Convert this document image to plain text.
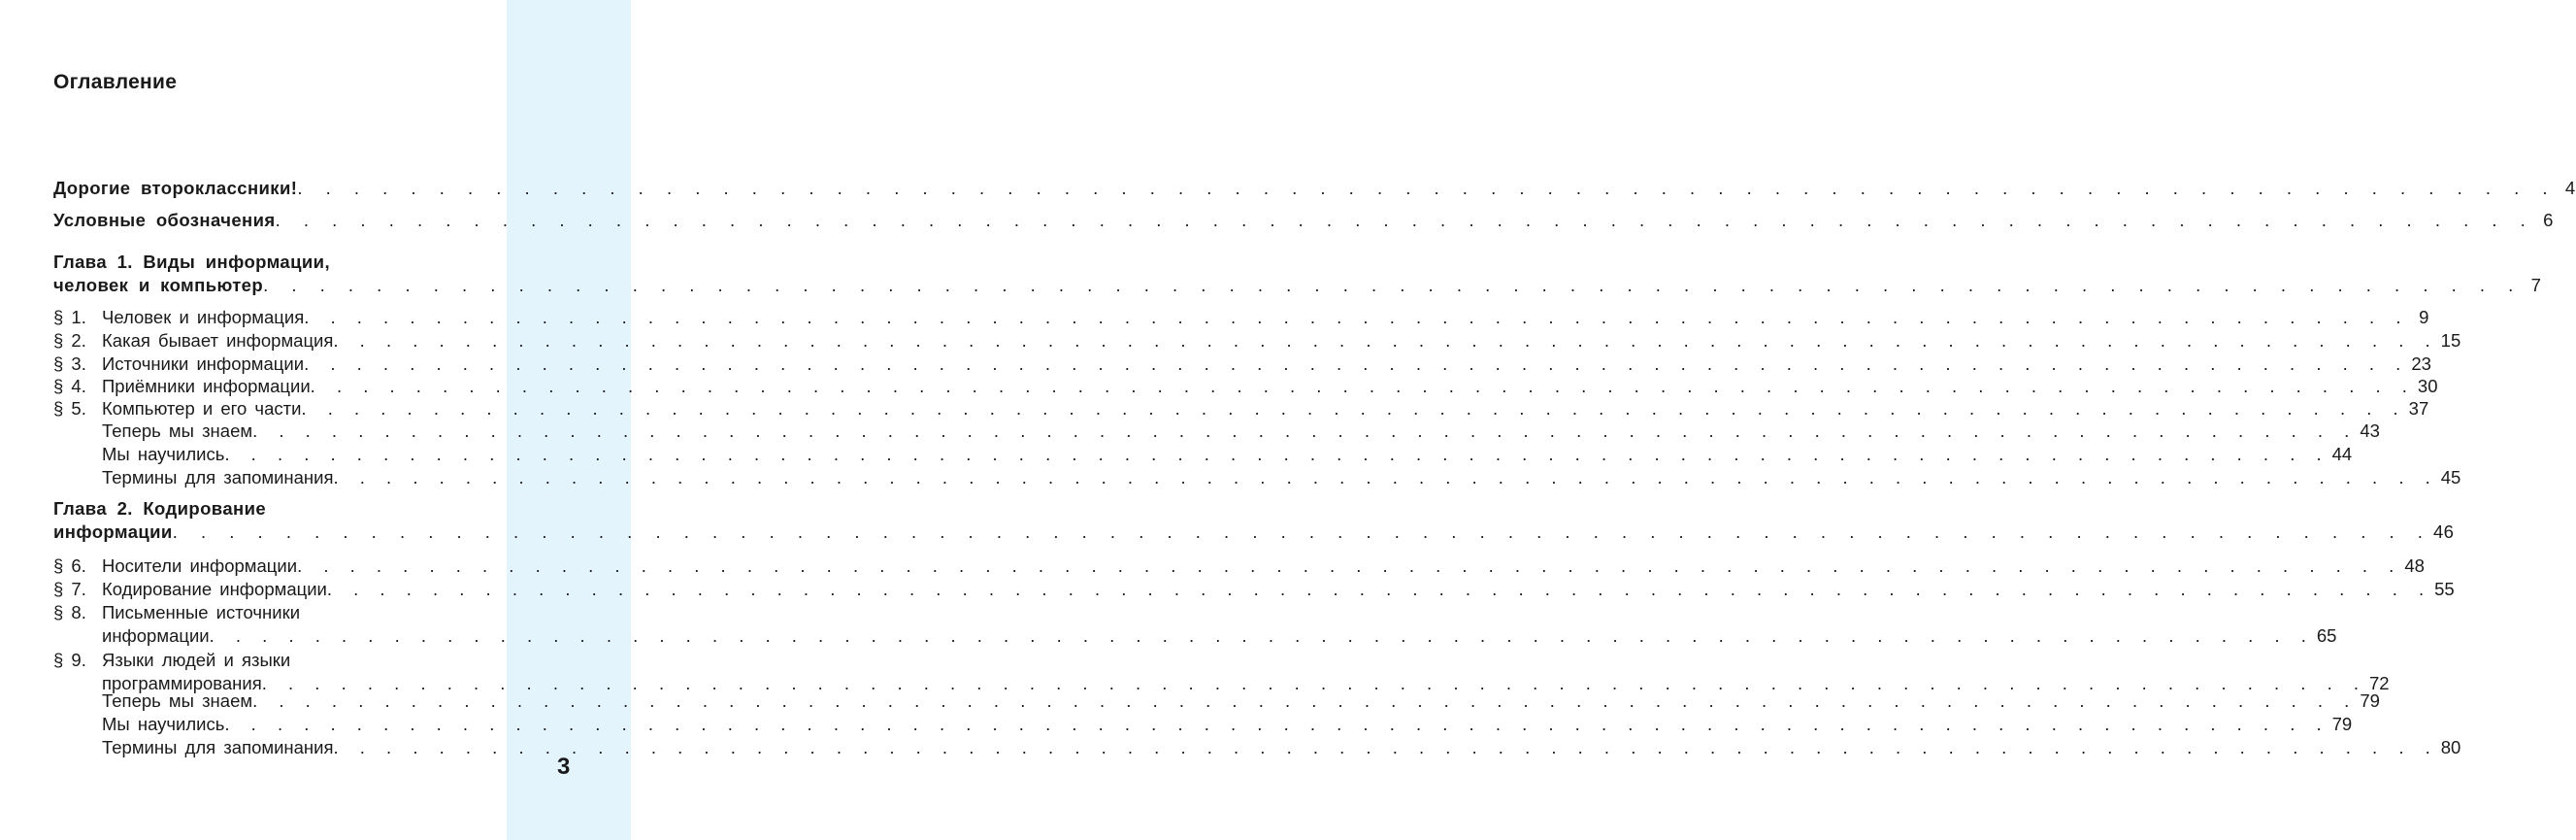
Оглавление
Дорогие второклассники! . . . . . . . . . . . . . . . . . . . . . . . . . . . . . . . . . . . . . . . . . . . . . . . . . . . . . . . . . . . . . . . . . . . . . . . . . . . . . . . . 4
Условные обозначения . . . . . . . . . . . . . . . . . . . . . . . . . . . . . . . . . . . . . . . . . . . . . . . . . . . . . . . . . . . . . . . . . . . . . . . . . . . . . . . . 6
Глава 1. Виды информации,
человек и компьютер . . . . . . . . . . . . . . . . . . . . . . . . . . . . . . . . . . . . . . . . . . . . . . . . . . . . . . . . . . . . . . . . . . . . . . . . . . . . . . . . 7
§ 1. Человек и информация . . . . . . . . . . . . . . . . . . . . . . . . . . . . . . . . . . . . . . . . . . . . . . . . . . . . . . . . . . . . . . . . . . . . . . . . . . . . . . . . 9
§ 2. Какая бывает информация . . . . . . . . . . . . . . . . . . . . . . . . . . . . . . . . . . . . . . . . . . . . . . . . . . . . . . . . . . . . . . . . . . . . . . . . . . . . . . . . 15
§ 3. Источники информации . . . . . . . . . . . . . . . . . . . . . . . . . . . . . . . . . . . . . . . . . . . . . . . . . . . . . . . . . . . . . . . . . . . . . . . . . . . . . . . . 23
§ 4. Приёмники информации . . . . . . . . . . . . . . . . . . . . . . . . . . . . . . . . . . . . . . . . . . . . . . . . . . . . . . . . . . . . . . . . . . . . . . . . . . . . . . . . 30
§ 5. Компьютер и его части . . . . . . . . . . . . . . . . . . . . . . . . . . . . . . . . . . . . . . . . . . . . . . . . . . . . . . . . . . . . . . . . . . . . . . . . . . . . . . . . 37
Теперь мы знаем . . . . . . . . . . . . . . . . . . . . . . . . . . . . . . . . . . . . . . . . . . . . . . . . . . . . . . . . . . . . . . . . . . . . . . . . . . . . . . . . 43
Мы научились . . . . . . . . . . . . . . . . . . . . . . . . . . . . . . . . . . . . . . . . . . . . . . . . . . . . . . . . . . . . . . . . . . . . . . . . . . . . . . . . 44
Термины для запоминания . . . . . . . . . . . . . . . . . . . . . . . . . . . . . . . . . . . . . . . . . . . . . . . . . . . . . . . . . . . . . . . . . . . . . . . . . . . . . . . . 45
Глава 2. Кодирование
информации . . . . . . . . . . . . . . . . . . . . . . . . . . . . . . . . . . . . . . . . . . . . . . . . . . . . . . . . . . . . . . . . . . . . . . . . . . . . . . . . 46
§ 6. Носители информации . . . . . . . . . . . . . . . . . . . . . . . . . . . . . . . . . . . . . . . . . . . . . . . . . . . . . . . . . . . . . . . . . . . . . . . . . . . . . . . . 48
§ 7. Кодирование информации . . . . . . . . . . . . . . . . . . . . . . . . . . . . . . . . . . . . . . . . . . . . . . . . . . . . . . . . . . . . . . . . . . . . . . . . . . . . . . . . 55
§ 8. Письменные источники
информации . . . . . . . . . . . . . . . . . . . . . . . . . . . . . . . . . . . . . . . . . . . . . . . . . . . . . . . . . . . . . . . . . . . . . . . . . . . . . . . . 65
§ 9. Языки людей и языки
программирования . . . . . . . . . . . . . . . . . . . . . . . . . . . . . . . . . . . . . . . . . . . . . . . . . . . . . . . . . . . . . . . . . . . . . . . . . . . . . . . . 72
Теперь мы знаем . . . . . . . . . . . . . . . . . . . . . . . . . . . . . . . . . . . . . . . . . . . . . . . . . . . . . . . . . . . . . . . . . . . . . . . . . . . . . . . . 79
Мы научились . . . . . . . . . . . . . . . . . . . . . . . . . . . . . . . . . . . . . . . . . . . . . . . . . . . . . . . . . . . . . . . . . . . . . . . . . . . . . . . . 79
Термины для запоминания . . . . . . . . . . . . . . . . . . . . . . . . . . . . . . . . . . . . . . . . . . . . . . . . . . . . . . . . . . . . . . . . . . . . . . . . . . . . . . . . 80
3
